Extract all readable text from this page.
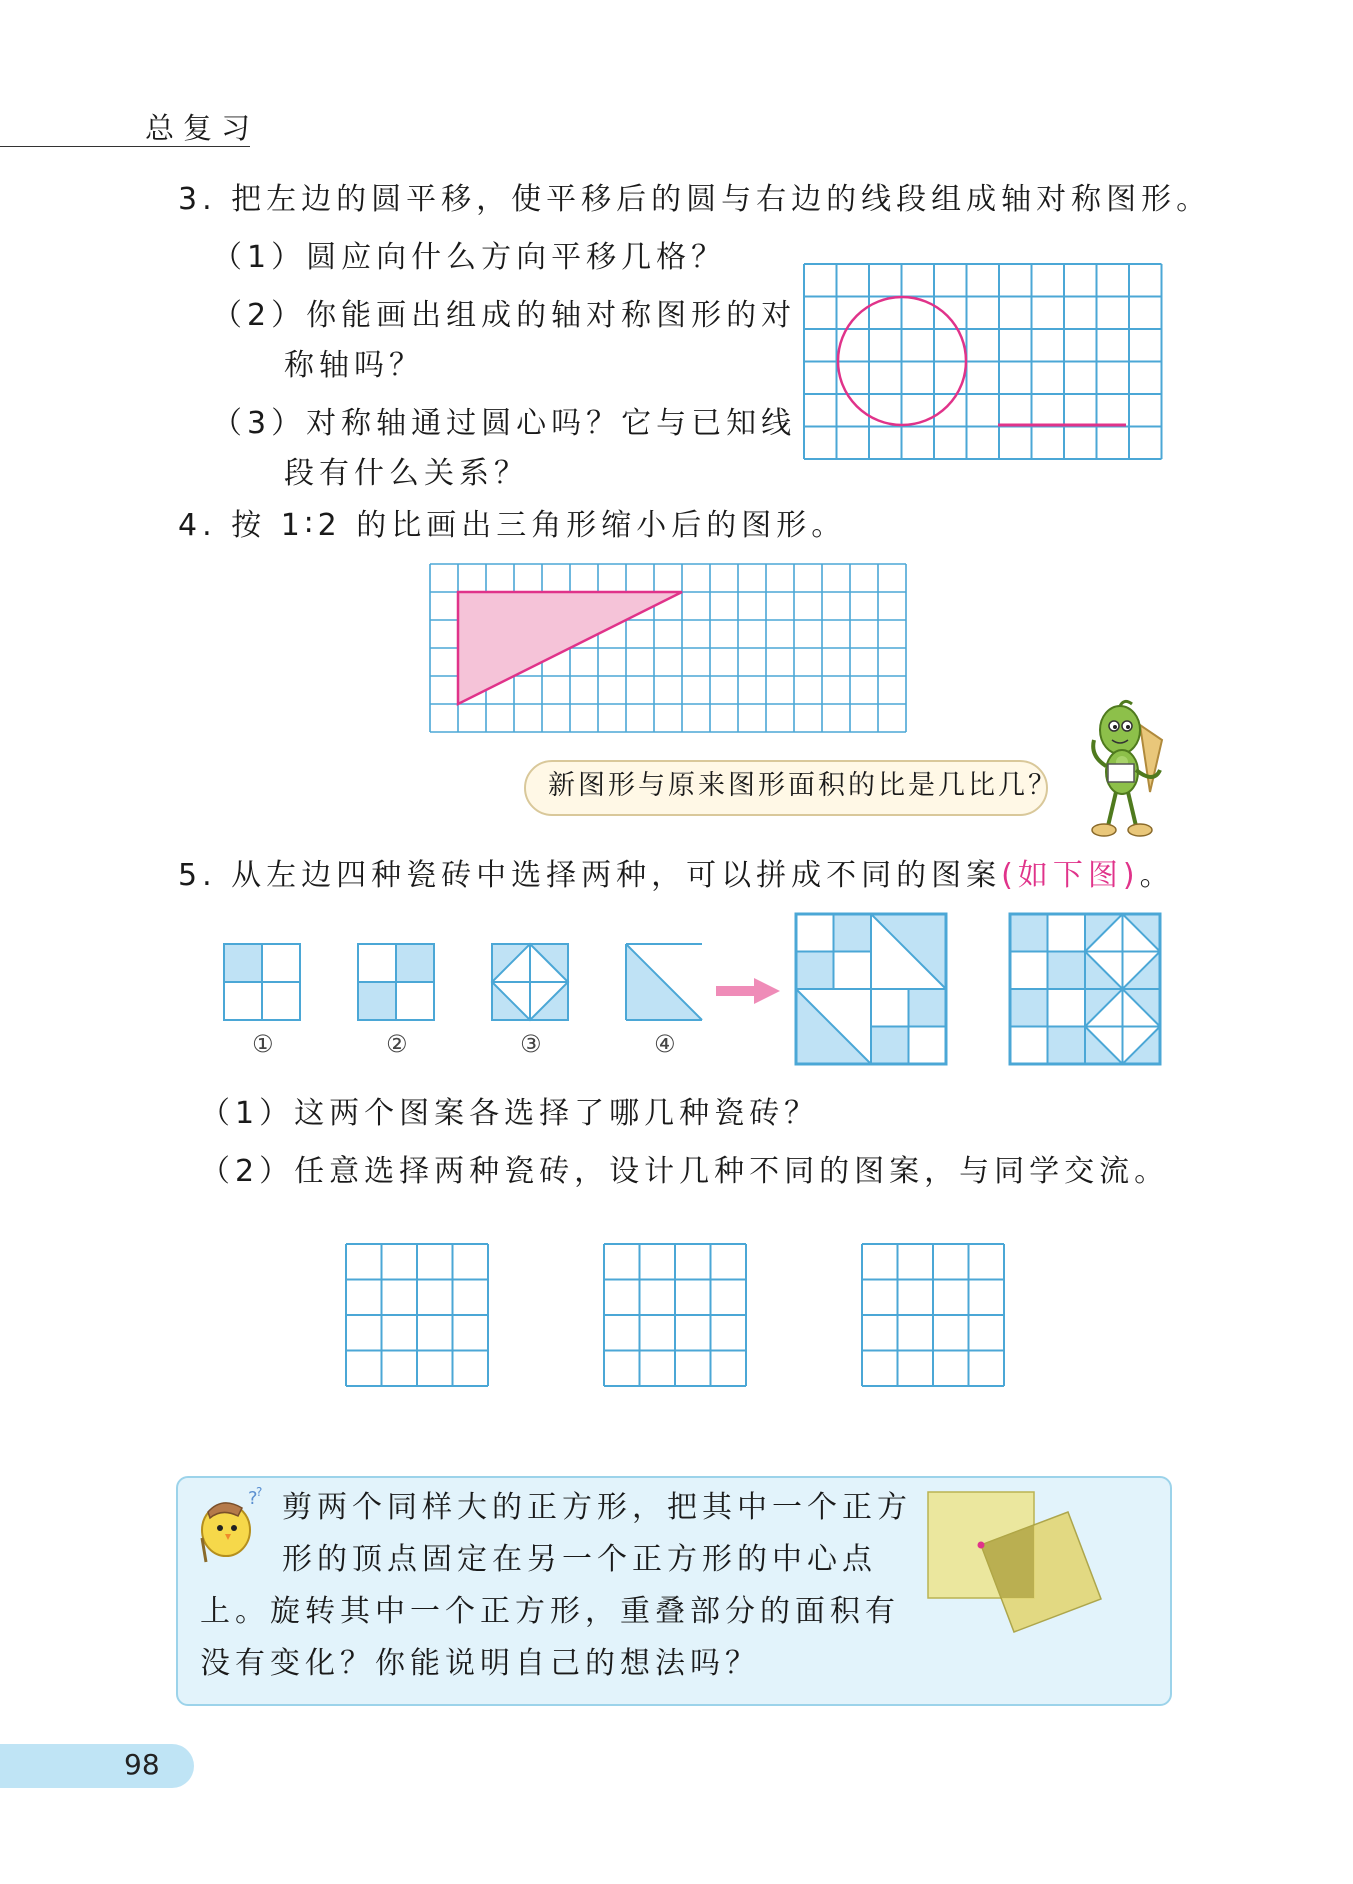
总复习
3. 把左边的圆平移，使平移后的圆与右边的线段组成轴对称图形。
（1）圆应向什么方向平移几格？
（2）你能画出组成的轴对称图形的对
称轴吗？
（3）对称轴通过圆心吗？它与已知线
段有什么关系？
4. 按 1∶2 的比画出三角形缩小后的图形。
新图形与原来图形面积的比是几比几？
5. 从左边四种瓷砖中选择两种，可以拼成不同的图案(如下图)。
①	②	③	④
（1）这两个图案各选择了哪几种瓷砖？
（2）任意选择两种瓷砖，设计几种不同的图案，与同学交流。
?
? 剪两个同样大的正方形，把其中一个正方
形的顶点固定在另一个正方形的中心点
上。旋转其中一个正方形，重叠部分的面积有
没有变化？你能说明自己的想法吗？
98
